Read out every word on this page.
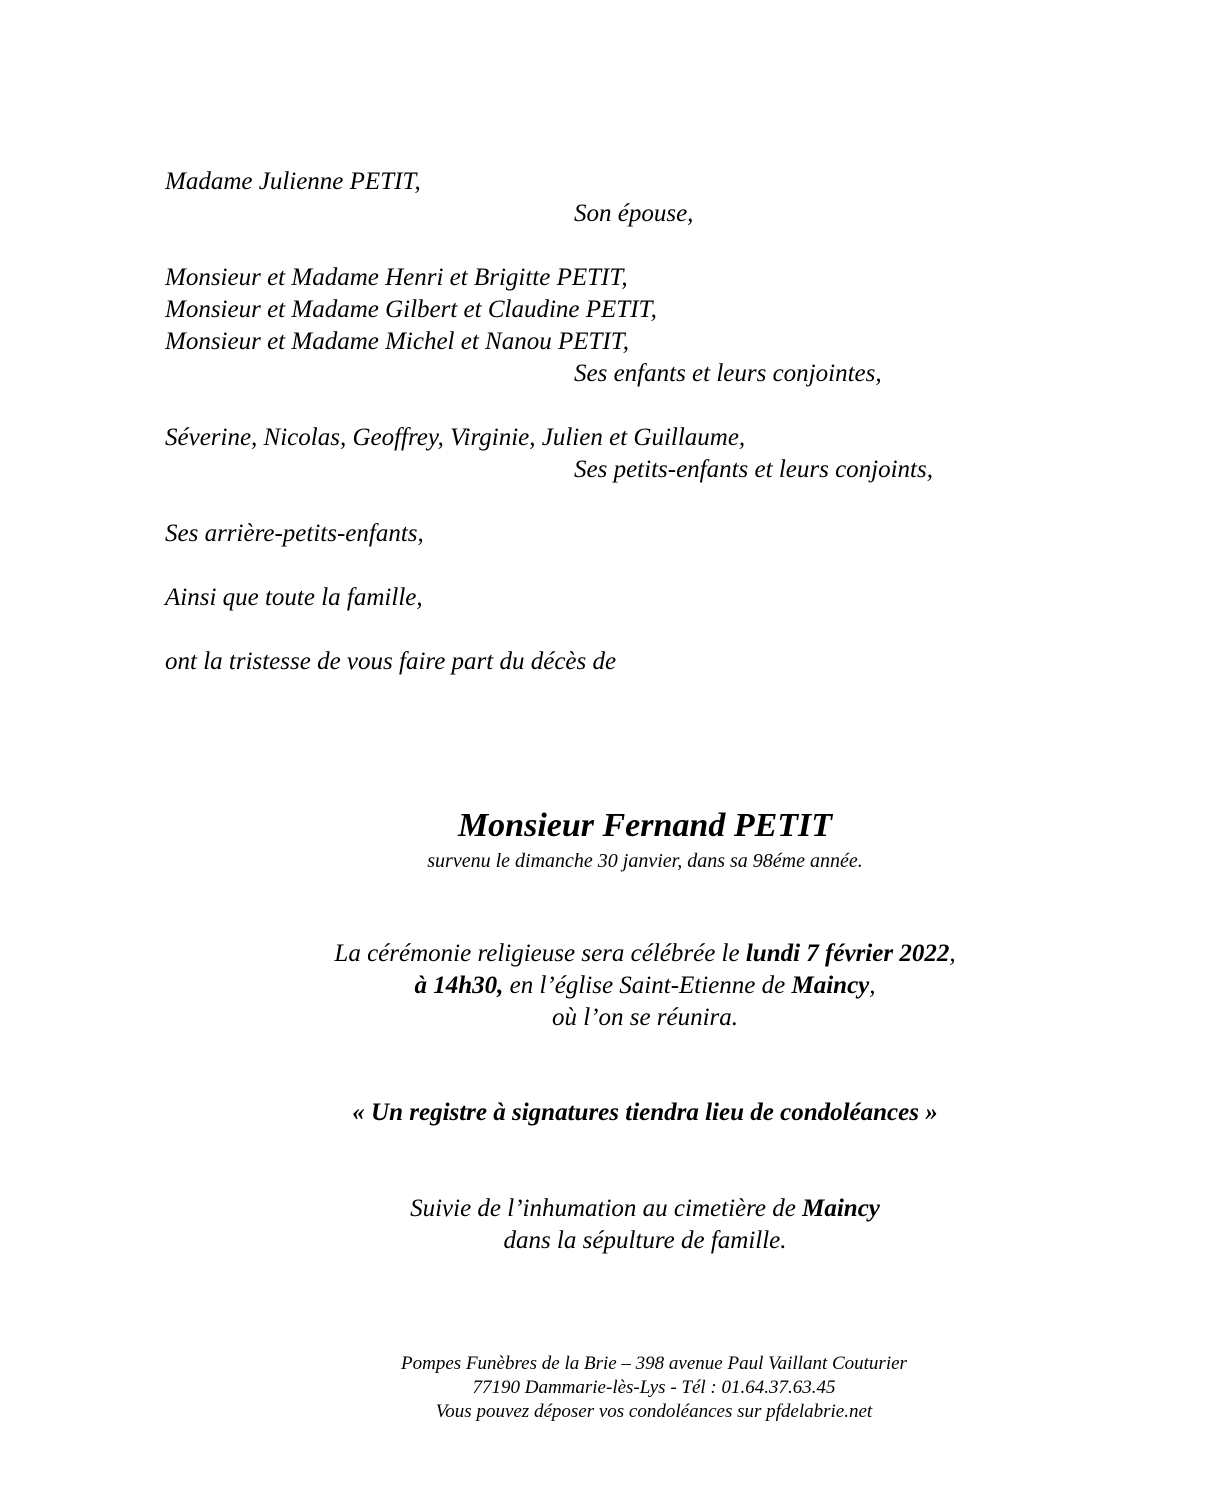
Madame Julienne PETIT,
Son épouse,
Monsieur et Madame Henri et Brigitte PETIT,
Monsieur et Madame Gilbert et Claudine PETIT,
Monsieur et Madame Michel et Nanou PETIT,
Ses enfants et leurs conjointes,
Séverine, Nicolas, Geoffrey, Virginie, Julien et Guillaume,
Ses petits-enfants et leurs conjoints,
Ses arrière-petits-enfants,
Ainsi que toute la famille,
ont la tristesse de vous faire part du décès de
Monsieur Fernand PETIT
survenu le dimanche 30 janvier, dans sa 98éme année.
La cérémonie religieuse sera célébrée le lundi 7 février 2022,
à 14h30, en l’église Saint-Etienne de Maincy,
où l’on se réunira.
« Un registre à signatures tiendra lieu de condoléances »
Suivie de l’inhumation au cimetière de Maincy
dans la sépulture de famille.
Pompes Funèbres de la Brie – 398 avenue Paul Vaillant Couturier
77190 Dammarie-lès-Lys - Tél : 01.64.37.63.45
Vous pouvez déposer vos condoléances sur pfdelabrie.net
